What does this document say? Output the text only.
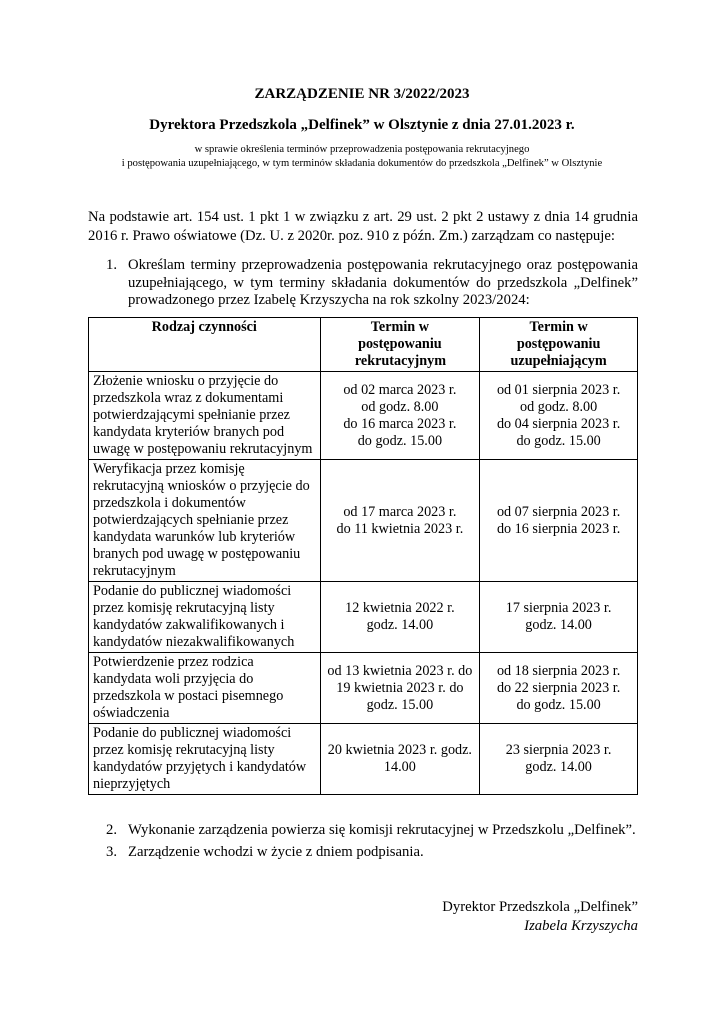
ZARZĄDZENIE NR 3/2022/2023
Dyrektora Przedszkola „Delfinek” w Olsztynie z dnia 27.01.2023 r.
w sprawie określenia terminów przeprowadzenia postępowania rekrutacyjnego
i postępowania uzupełniającego, w tym terminów składania dokumentów do przedszkola „Delfinek” w Olsztynie
Na podstawie art. 154 ust. 1 pkt 1 w związku z art. 29 ust. 2 pkt 2 ustawy z dnia 14 grudnia 2016 r. Prawo oświatowe (Dz. U. z 2020r. poz. 910 z późn. Zm.) zarządzam co następuje:
1. Określam terminy przeprowadzenia postępowania rekrutacyjnego oraz postępowania uzupełniającego, w tym terminy składania dokumentów do przedszkola „Delfinek” prowadzonego przez Izabelę Krzyszycha na rok szkolny 2023/2024:
Rodzaj czynności	Termin w postępowaniu rekrutacyjnym	Termin w postępowaniu uzupełniającym

Złożenie wniosku o przyjęcie do przedszkola wraz z dokumentami potwierdzającymi spełnianie przez kandydata kryteriów branych pod uwagę w postępowaniu rekrutacyjnym	od 02 marca 2023 r.
od godz. 8.00
do 16 marca 2023 r.
do godz. 15.00	od 01 sierpnia 2023 r.
od godz. 8.00
do 04 sierpnia 2023 r.
do godz. 15.00
Weryfikacja przez komisję rekrutacyjną wniosków o przyjęcie do przedszkola i dokumentów potwierdzających spełnianie przez kandydata warunków lub kryteriów branych pod uwagę w postępowaniu rekrutacyjnym	od 17 marca 2023 r.
do 11 kwietnia 2023 r.	od 07 sierpnia 2023 r.
do 16 sierpnia 2023 r.
Podanie do publicznej wiadomości przez komisję rekrutacyjną listy kandydatów zakwalifikowanych i kandydatów niezakwalifikowanych	12 kwietnia 2022 r.
godz. 14.00	17 sierpnia 2023 r.
godz. 14.00
Potwierdzenie przez rodzica kandydata woli przyjęcia do przedszkola w postaci pisemnego oświadczenia	od 13 kwietnia 2023 r. do 19 kwietnia 2023 r. do godz. 15.00	od 18 sierpnia 2023 r.
do 22 sierpnia 2023 r.
do godz. 15.00
Podanie do publicznej wiadomości przez komisję rekrutacyjną listy kandydatów przyjętych i kandydatów nieprzyjętych	20 kwietnia 2023 r. godz. 14.00	23 sierpnia 2023 r.
godz. 14.00
2. Wykonanie zarządzenia powierza się komisji rekrutacyjnej w Przedszkolu „Delfinek”.
3. Zarządzenie wchodzi w życie z dniem podpisania.
Dyrektor Przedszkola „Delfinek”
Izabela Krzyszycha
